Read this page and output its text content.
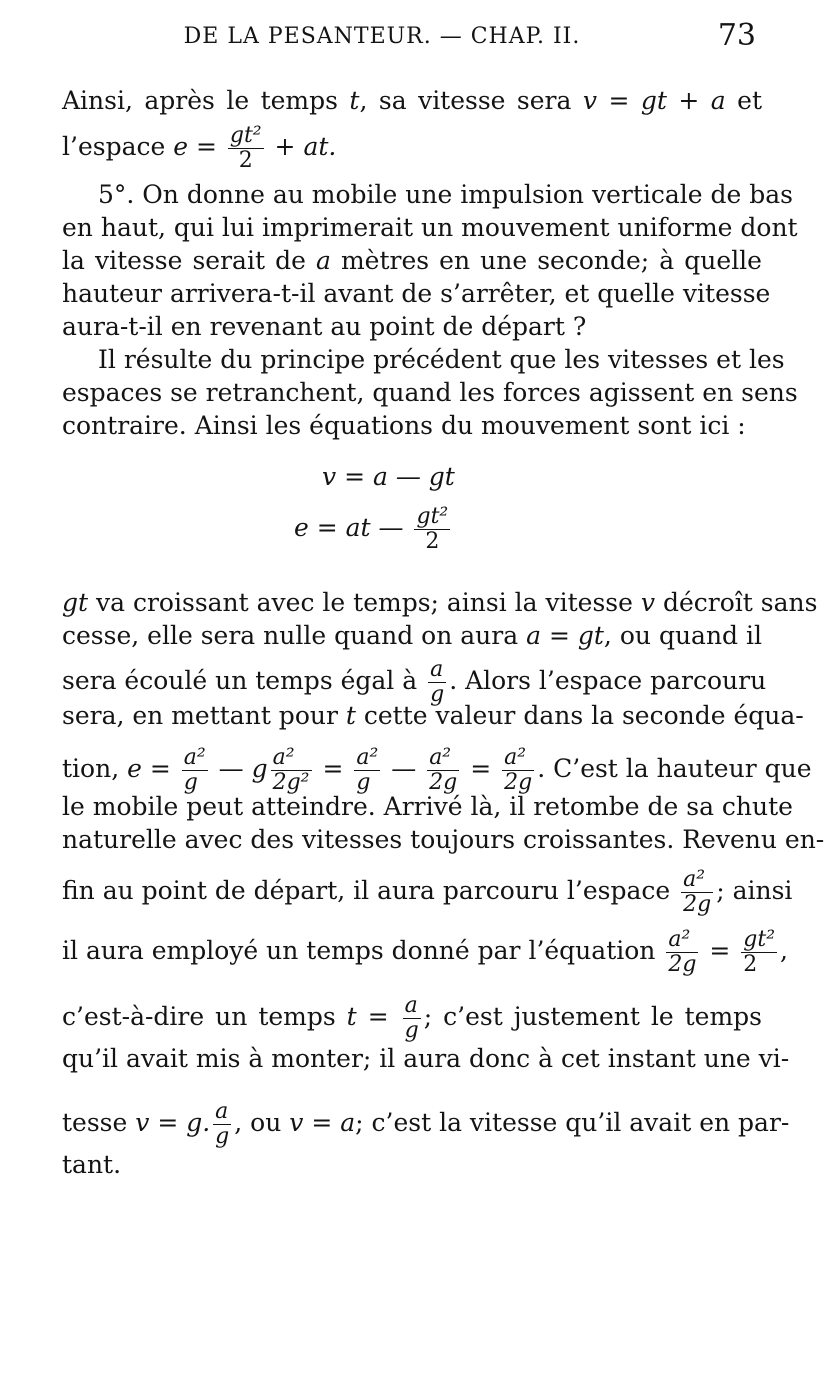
DE LA PESANTEUR. — CHAP. II.	73
Ainsi, après le temps t, sa vitesse sera v = gt + a et
l’espace $e = \frac{\text{gt²}}{2}$ + at.
5°. On donne au mobile une impulsion verticale de bas
en haut, qui lui imprimerait un mouvement uniforme dont
la vitesse serait de a mètres en une seconde; à quelle
hauteur arrivera-t-il avant de s’arrêter, et quelle vitesse
aura-t-il en revenant au point de départ ?
Il résulte du principe précédent que les vitesses et les
espaces se retranchent, quand les forces agissent en sens
contraire. Ainsi les équations du mouvement sont ici :
v = a — gt
e = at — $\frac{\text{gt²}}{2}$
gt va croissant avec le temps; ainsi la vitesse v décroît sans
cesse, elle sera nulle quand on aura a = gt, ou quand il
sera écoulé un temps égal à $\frac{a}{g}$ . Alors l’espace parcouru
sera, en mettant pour t cette valeur dans la seconde équa-
tion, $e = \frac{\text{a²}}{g}$ — g $\frac{\text{a²}}{\text{2g²}} = \frac{\text{a²}}{g}$ — $\frac{\text{a²}}{2g} = \frac{\text{a²}}{2g}$ . C’est la hauteur que
le mobile peut atteindre. Arrivé là, il retombe de sa chute
naturelle avec des vitesses toujours croissantes. Revenu en-
fin au point de départ, il aura parcouru l’espace $\frac{\text{a²}}{2g}$ ; ainsi
il aura employé un temps donné par l’équation $\frac{\text{a²}}{2g} = \frac{\text{gt²}}{2}$ ,
c’est-à-dire un temps $t = \frac{a}{g}$ ; c’est justement le temps
qu’il avait mis à monter; il aura donc à cet instant une vi-
tesse v = g. $\frac{a}{g}$ , ou v = a; c’est la vitesse qu’il avait en par-
tant.
